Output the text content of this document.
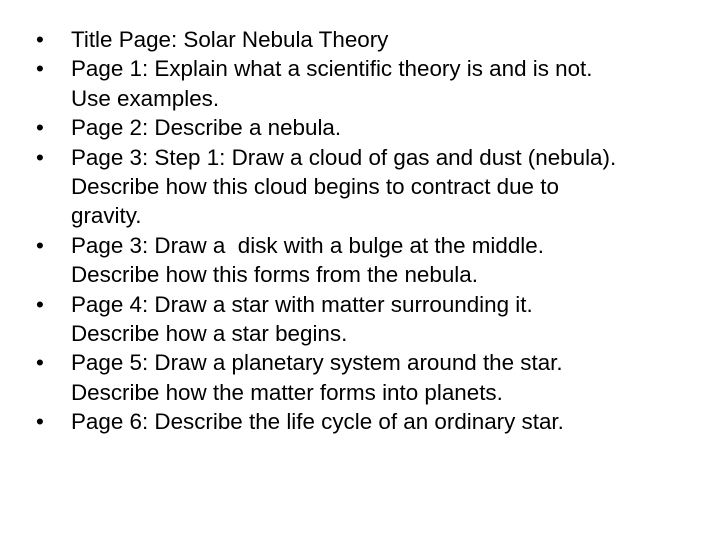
• Title Page: Solar Nebula Theory
• Page 1: Explain what a scientific theory is and is not.
Use examples.
• Page 2: Describe a nebula.
• Page 3: Step 1: Draw a cloud of gas and dust (nebula).
Describe how this cloud begins to contract due to
gravity.
• Page 3: Draw a  disk with a bulge at the middle.
Describe how this forms from the nebula.
• Page 4: Draw a star with matter surrounding it.
Describe how a star begins.
• Page 5: Draw a planetary system around the star.
Describe how the matter forms into planets.
• Page 6: Describe the life cycle of an ordinary star.
